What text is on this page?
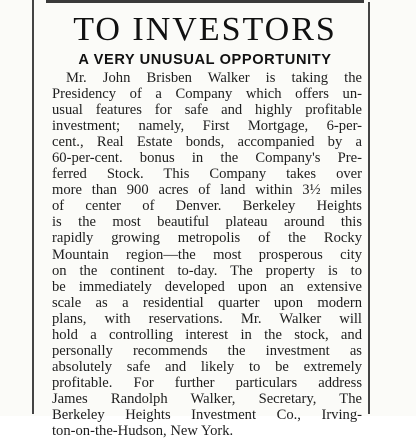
TO INVESTORS
A VERY UNUSUAL OPPORTUNITY
Mr. John Brisben Walker is taking the
Presidency of a Company which offers un-
usual features for safe and highly profitable
investment; namely, First Mortgage, 6-per-
cent., Real Estate bonds, accompanied by a
60-per-cent. bonus in the Company's Pre-
ferred Stock. This Company takes over
more than 900 acres of land within 3½ miles
of center of Denver. Berkeley Heights
is the most beautiful plateau around this
rapidly growing metropolis of the Rocky
Mountain region—the most prosperous city
on the continent to-day. The property is to
be immediately developed upon an extensive
scale as a residential quarter upon modern
plans, with reservations. Mr. Walker will
hold a controlling interest in the stock, and
personally recommends the investment as
absolutely safe and likely to be extremely
profitable. For further particulars address
James Randolph Walker, Secretary, The
Berkeley Heights Investment Co., Irving-
ton-on-the-Hudson, New York.
